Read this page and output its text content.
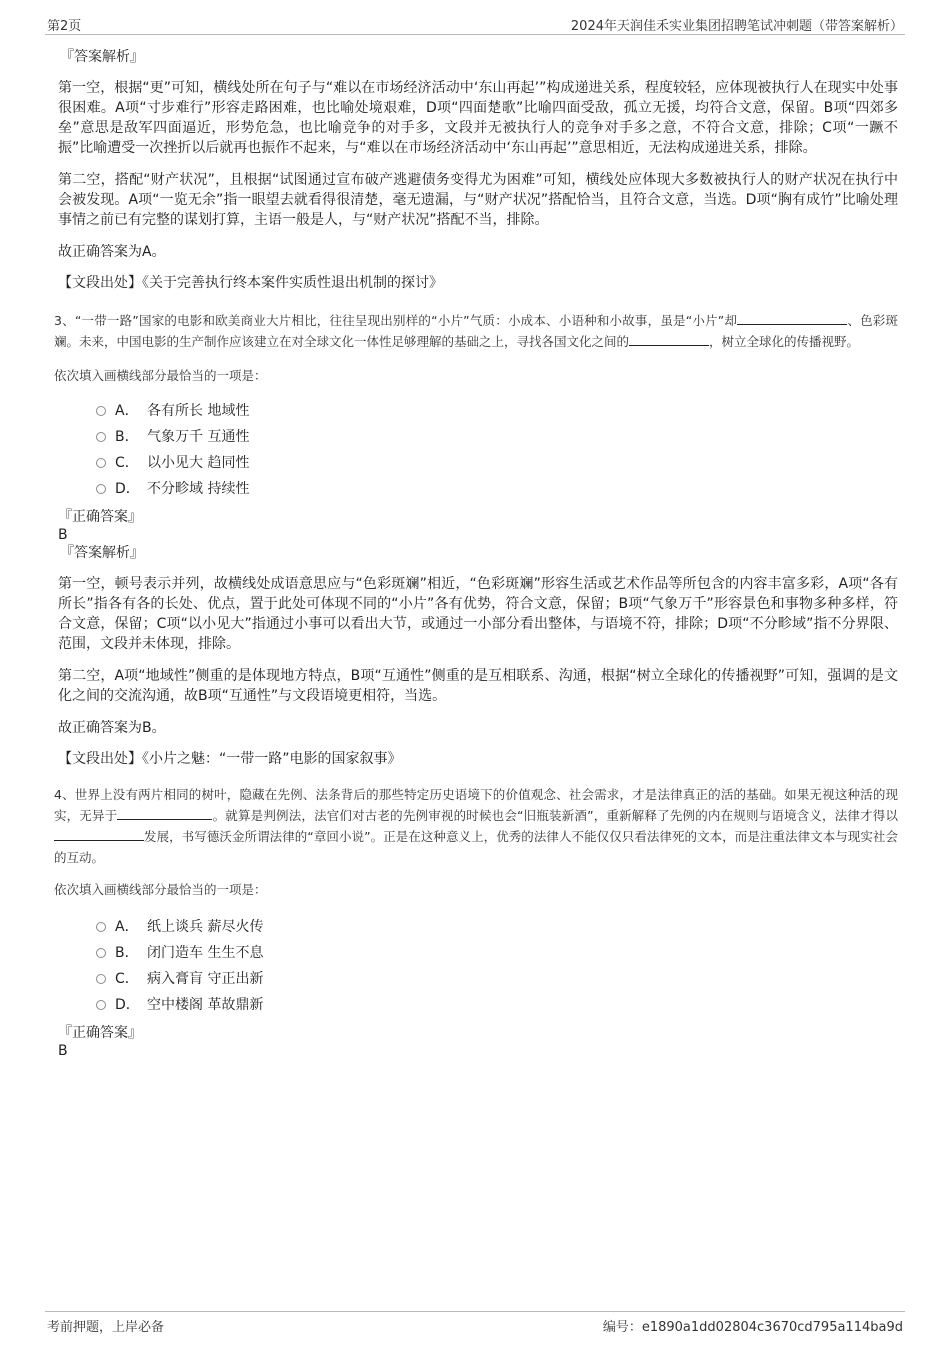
第2页	2024年天润佳禾实业集团招聘笔试冲刺题（带答案解析）
『答案解析』
第一空，根据“更”可知，横线处所在句子与“难以在市场经济活动中‘东山再起’”构成递进关系，程度较轻，应体现被执行人在现实中处事很困难。A项“寸步难行”形容走路困难，也比喻处境艰难，D项“四面楚歌”比喻四面受敌，孤立无援，均符合文意，保留。B项“四郊多垒”意思是敌军四面逼近，形势危急，也比喻竞争的对手多，文段并无被执行人的竞争对手多之意，不符合文意，排除；C项“一蹶不振”比喻遭受一次挫折以后就再也振作不起来，与“难以在市场经济活动中‘东山再起’”意思相近，无法构成递进关系，排除。
第二空，搭配“财产状况”，且根据“试图通过宣布破产逃避债务变得尤为困难”可知，横线处应体现大多数被执行人的财产状况在执行中会被发现。A项“一览无余”指一眼望去就看得很清楚，毫无遗漏，与“财产状况”搭配恰当，且符合文意，当选。D项“胸有成竹”比喻处理事情之前已有完整的谋划打算，主语一般是人，与“财产状况”搭配不当，排除。
故正确答案为A。
【文段出处】《关于完善执行终本案件实质性退出机制的探讨》
3、“一带一路”国家的电影和欧美商业大片相比，往往呈现出别样的“小片”气质：小成本、小语种和小故事，虽是“小片”却	、色彩斑斓。未来，中国电影的生产制作应该建立在对全球文化一体性足够理解的基础之上，寻找各国文化之间的	，树立全球化的传播视野。
依次填入画横线部分最恰当的一项是：
A． 各有所长 地域性
B． 气象万千 互通性
C． 以小见大 趋同性
D． 不分畛域 持续性
『正确答案』
B
『答案解析』
第一空，顿号表示并列，故横线处成语意思应与“色彩斑斓”相近，“色彩斑斓”形容生活或艺术作品等所包含的内容丰富多彩，A项“各有所长”指各有各的长处、优点，置于此处可体现不同的“小片”各有优势，符合文意，保留；B项“气象万千”形容景色和事物多种多样，符合文意，保留；C项“以小见大”指通过小事可以看出大节，或通过一小部分看出整体，与语境不符，排除；D项“不分畛域”指不分界限、范围，文段并未体现，排除。
第二空，A项“地域性”侧重的是体现地方特点，B项“互通性”侧重的是互相联系、沟通，根据“树立全球化的传播视野”可知，强调的是文化之间的交流沟通，故B项“互通性”与文段语境更相符，当选。
故正确答案为B。
【文段出处】《小片之魅：“一带一路”电影的国家叙事》
4、世界上没有两片相同的树叶，隐藏在先例、法条背后的那些特定历史语境下的价值观念、社会需求，才是法律真正的活的基础。如果无视这种活的现实，无异于	。就算是判例法，法官们对古老的先例审视的时候也会“旧瓶装新酒”，重新解释了先例的内在规则与语境含义，法律才得以发展，书写德沃金所谓法律的“章回小说”。正是在这种意义上，优秀的法律人不能仅仅只看法律死的文本，而是注重法律文本与现实社会的互动。
依次填入画横线部分最恰当的一项是：
A． 纸上谈兵 薪尽火传
B． 闭门造车 生生不息
C． 病入膏肓 守正出新
D． 空中楼阁 革故鼎新
『正确答案』
B
考前押题，上岸必备	编号：e1890a1dd02804c3670cd795a114ba9d
